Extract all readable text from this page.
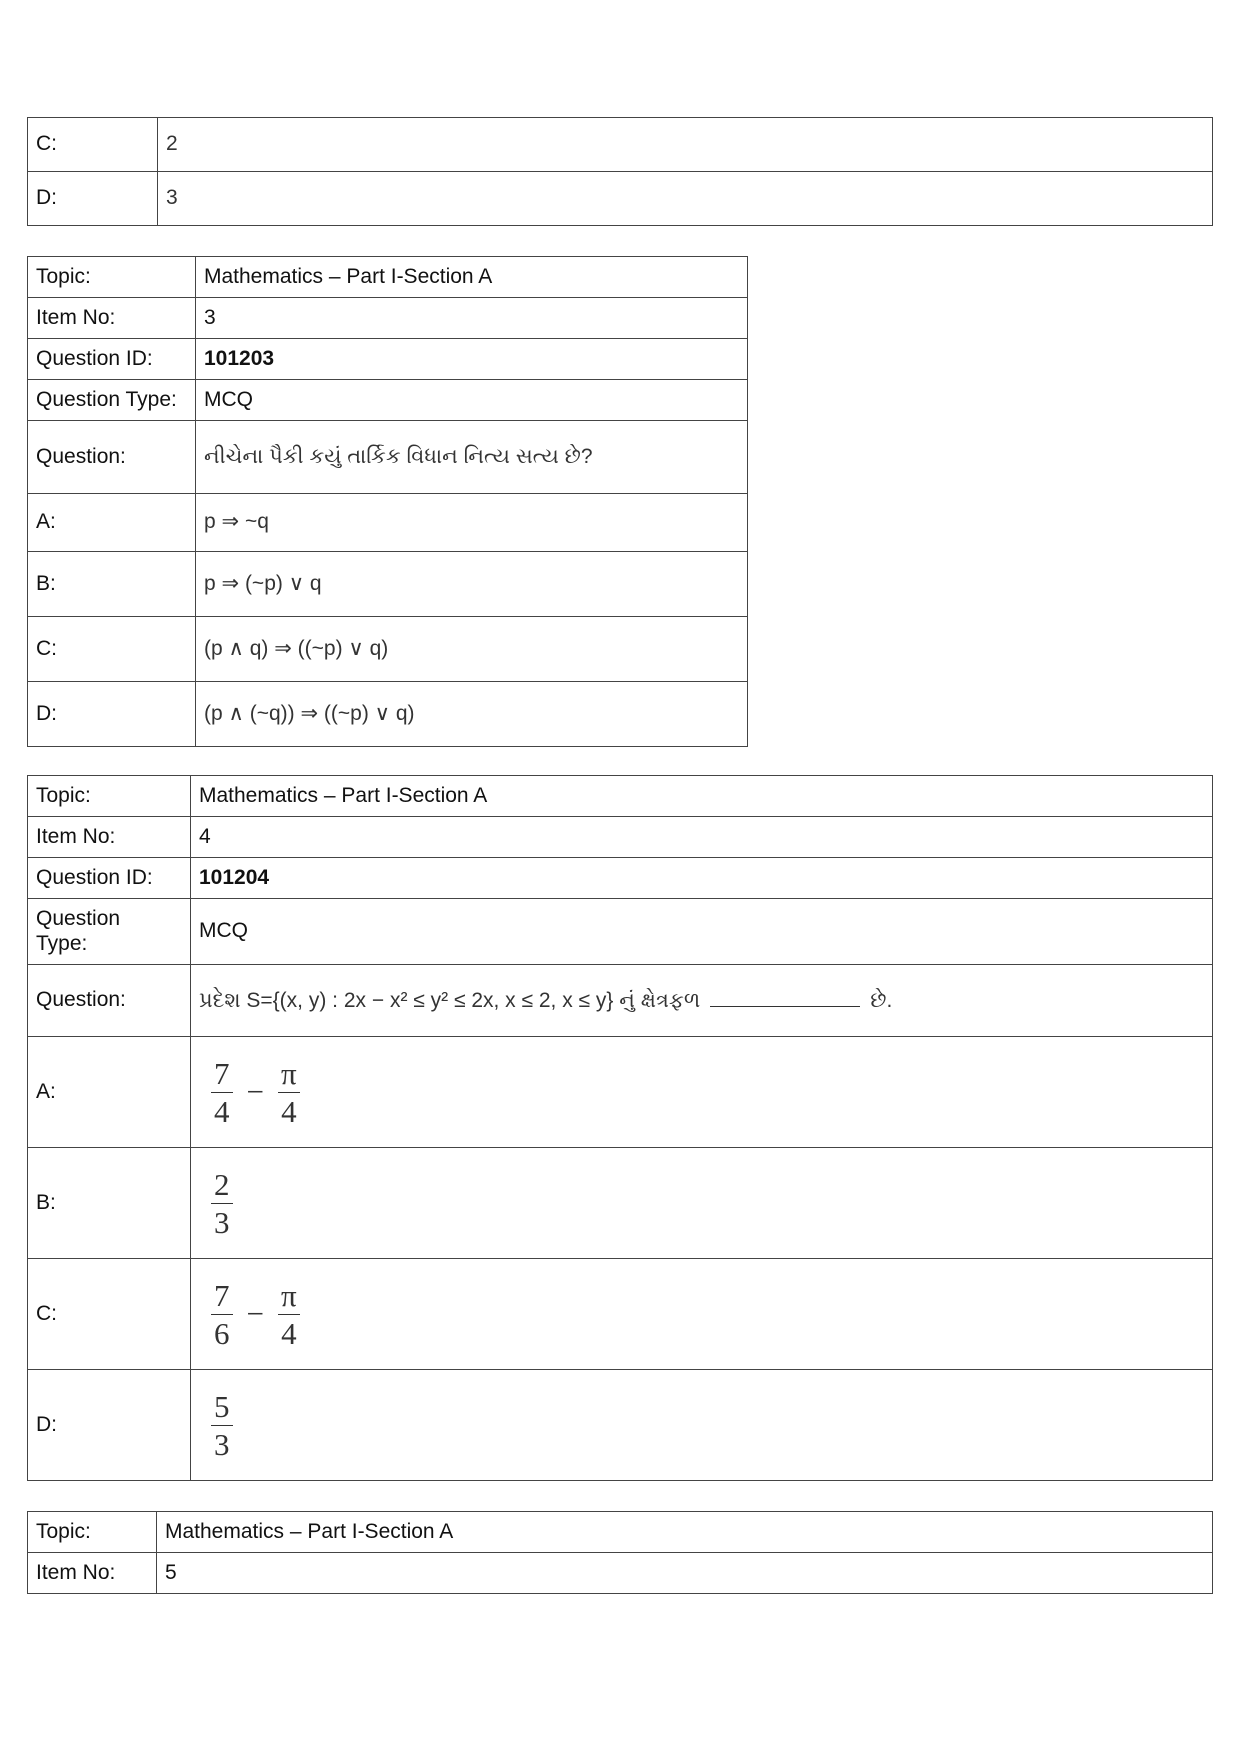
C:	2
D:	3
Topic:	Mathematics – Part I-Section A
Item No:	3
Question ID:	101203
Question Type:	MCQ
Question:	નીચેના પૈકી કયું તાર્કિક વિધાન નિત્ય સત્ય છે?
A:	p ⇒ ~q
B:	p ⇒ (~p) ∨ q
C:	(p ∧ q) ⇒ ((~p) ∨ q)
D:	(p ∧ (~q)) ⇒ ((~p) ∨ q)
Topic:	Mathematics – Part I-Section A
Item No:	4
Question ID:	101204
Question Type:	MCQ
Question:	પ્રદેશ S={(x, y) : 2x − x² ≤ y² ≤ 2x, x ≤ 2, x ≤ y} નું ક્ષેત્રફળ છે.
A:	$\frac{7}{4} - \frac{\pi}{4}$

B:	$\frac{2}{3}$

C:	$\frac{7}{6} - \frac{\pi}{4}$

D:	$\frac{5}{3}$
Topic:	Mathematics – Part I-Section A
Item No:	5
